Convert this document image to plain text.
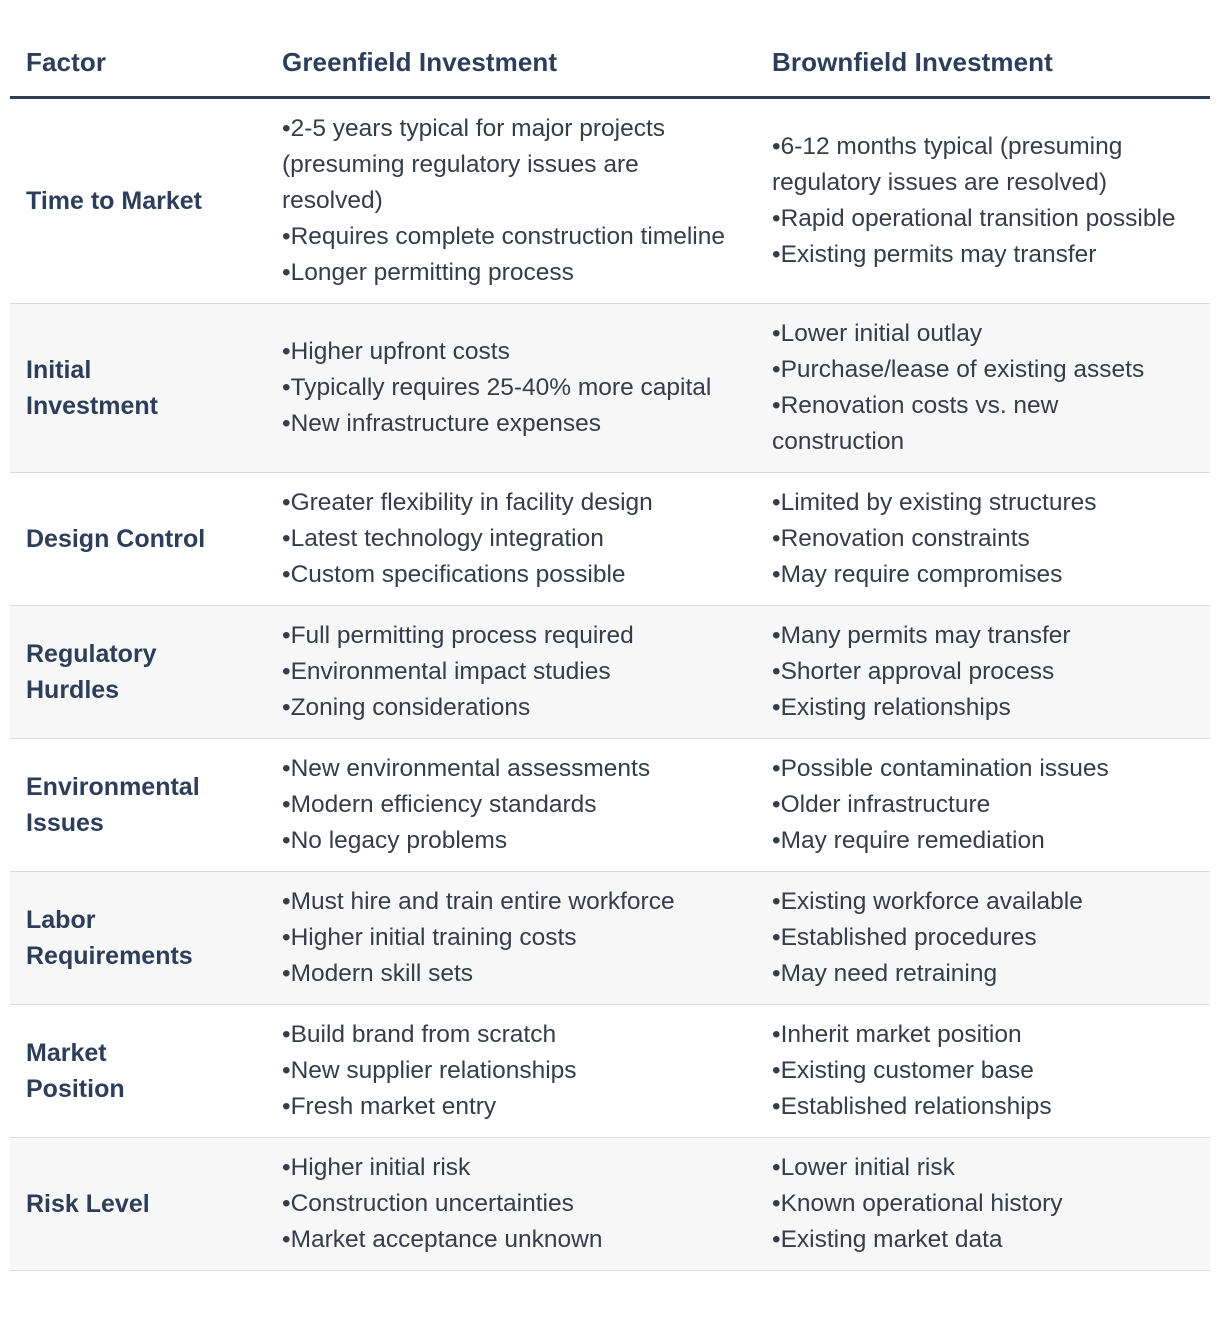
Factor	Greenfield Investment	Brownfield Investment

Time to Market	• 2-5 years typical for major projects (presuming regulatory issues are resolved)
• Requires complete construction timeline
• Longer permitting process	• 6-12 months typical (presuming regulatory issues are resolved)
• Rapid operational transition possible
• Existing permits may transfer

Initial
Investment	• Higher upfront costs
• Typically requires 25-40% more capital
• New infrastructure expenses	• Lower initial outlay
• Purchase/lease of existing assets
• Renovation costs vs. new construction

Design Control	• Greater flexibility in facility design
• Latest technology integration
• Custom specifications possible	• Limited by existing structures
• Renovation constraints
• May require compromises

Regulatory
Hurdles	• Full permitting process required
• Environmental impact studies
• Zoning considerations	• Many permits may transfer
• Shorter approval process
• Existing relationships

Environmental
Issues	• New environmental assessments
• Modern efficiency standards
• No legacy problems	• Possible contamination issues
• Older infrastructure
• May require remediation

Labor
Requirements	• Must hire and train entire workforce
• Higher initial training costs
• Modern skill sets	• Existing workforce available
• Established procedures
• May need retraining

Market
Position	• Build brand from scratch
• New supplier relationships
• Fresh market entry	• Inherit market position
• Existing customer base
• Established relationships

Risk Level	• Higher initial risk
• Construction uncertainties
• Market acceptance unknown	• Lower initial risk
• Known operational history
• Existing market data
